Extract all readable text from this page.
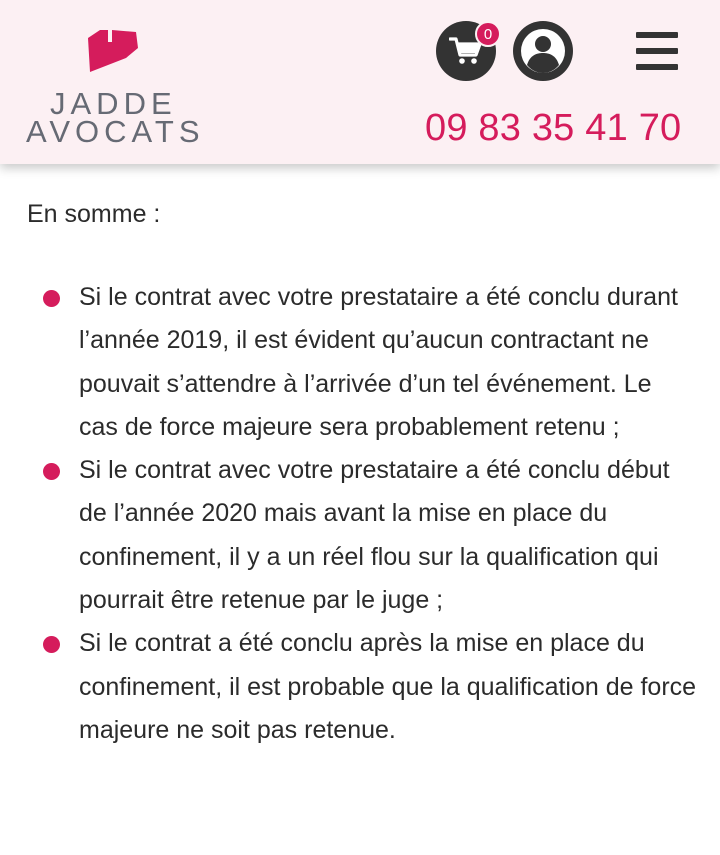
JADDE
AVOCATS
0
09 83 35 41 70

En somme :

Si le contrat avec votre prestataire a été conclu durant l’année 2019, il est évident qu’aucun contractant ne pouvait s’attendre à l’arrivée d’un tel événement. Le cas de force majeure sera probablement retenu ;
Si le contrat avec votre prestataire a été conclu début de l’année 2020 mais avant la mise en place du confinement, il y a un réel flou sur la qualification qui pourrait être retenue par le juge ;
Si le contrat a été conclu après la mise en place du confinement, il est probable que la qualification de force majeure ne soit pas retenue.
